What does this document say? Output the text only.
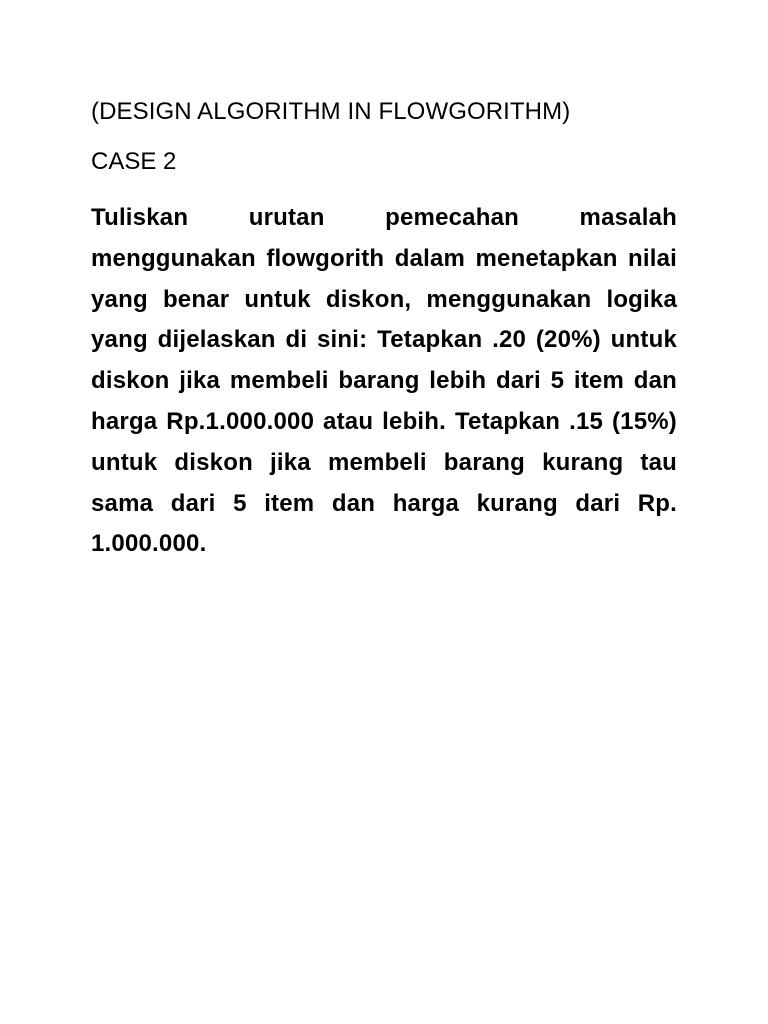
(DESIGN ALGORITHM IN FLOWGORITHM)

CASE 2

Tuliskan urutan pemecahan masalah menggunakan flowgorith dalam menetapkan nilai yang benar untuk diskon, menggunakan logika yang dijelaskan di sini: Tetapkan .20 (20%) untuk diskon jika membeli barang lebih dari 5 item dan harga Rp.1.000.000 atau lebih. Tetapkan .15 (15%) untuk diskon jika membeli barang kurang tau sama dari 5 item dan harga kurang dari Rp. 1.000.000.
